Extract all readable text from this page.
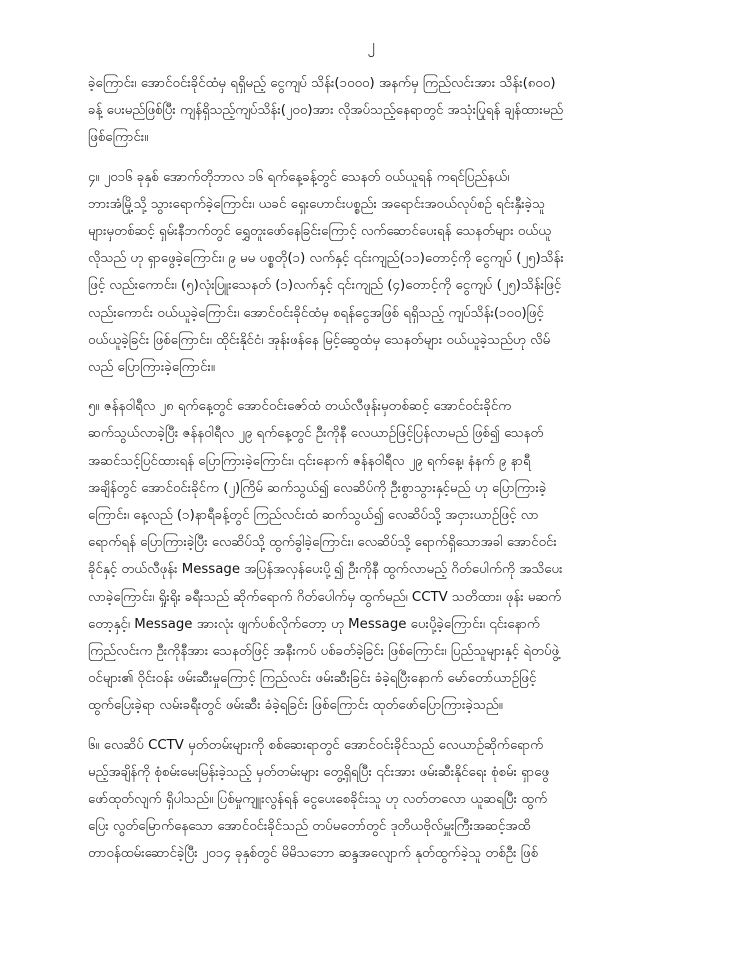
၂
ခဲ့ကြောင်း၊ အောင်ဝင်းခိုင်ထံမှ ရရှိမည့် ငွေကျပ် သိန်း(၁၀၀၀) အနက်မှ ကြည်လင်းအား သိန်း(၈၀၀)
ခန့် ပေးမည်ဖြစ်ပြီး ကျန်ရှိသည့်ကျပ်သိန်း(၂၀၀)အား လိုအပ်သည့်နေရာတွင် အသုံးပြုရန် ချန်ထားမည်
ဖြစ်ကြောင်း။
၄။ ၂၀၁၆ ခုနှစ် အောက်တိုဘာလ ၁၆ ရက်နေ့ခန့်တွင် သေနတ် ဝယ်ယူရန် ကရင်ပြည်နယ်၊
ဘားအံမြို့သို့ သွားရောက်ခဲ့ကြောင်း၊ ယခင် ရှေးဟောင်းပစ္စည်း အရောင်းအဝယ်လုပ်စဉ် ရင်းနှီးခဲ့သူ
များမှတစ်ဆင့် ရှမ်းနီဘက်တွင် ရွှေတူးဖော်နေခြင်းကြောင့် လက်ဆောင်ပေးရန် သေနတ်များ ဝယ်ယူ
လိုသည် ဟု ရှာဖွေခဲ့ကြောင်း၊ ၉ မမ ပစ္စတို(၁) လက်နှင့် ၎င်းကျည်(၁၁)တောင့်ကို ငွေကျပ် (၂၅)သိန်း
ဖြင့် လည်းကောင်း၊ (၅)လုံးပြူးသေနတ် (၁)လက်နှင့် ၎င်းကျည် (၄)တောင့်ကို ငွေကျပ် (၂၅)သိန်းဖြင့်
လည်းကောင်း ဝယ်ယူခဲ့ကြောင်း၊ အောင်ဝင်းခိုင်ထံမှ စရန်ငွေအဖြစ် ရရှိသည့် ကျပ်သိန်း(၁၀၀)ဖြင့်
ဝယ်ယူခဲ့ခြင်း ဖြစ်ကြောင်း၊ ထိုင်းနိုင်ငံ၊ အုန်းဖန်နေ မြင့်ဆွေထံမှ သေနတ်များ ဝယ်ယူခဲ့သည်ဟု လိမ်
လည် ပြောကြားခဲ့ကြောင်း။
၅။ ဇန်နဝါရီလ ၂၈ ရက်နေ့တွင် အောင်ဝင်းဇော်ထံ တယ်လီဖုန်းမှတစ်ဆင့် အောင်ဝင်းခိုင်က
ဆက်သွယ်လာခဲ့ပြီး ဇန်နဝါရီလ ၂၉ ရက်နေ့တွင် ဦးကိုနီ လေယာဉ်ဖြင့်ပြန်လာမည် ဖြစ်၍ သေနတ်
အဆင်သင့်ပြင်ထားရန် ပြောကြားခဲ့ကြောင်း၊ ၎င်းနောက် ဇန်နဝါရီလ ၂၉ ရက်နေ့၊ နံနက် ၉ နာရီ
အချိန်တွင် အောင်ဝင်းခိုင်က (၂)ကြိမ် ဆက်သွယ်၍ လေဆိပ်ကို ဦးစွာသွားနှင့်မည် ဟု ပြောကြားခဲ့
ကြောင်း၊ နေ့လည် (၁)နာရီခန့်တွင် ကြည်လင်းထံ ဆက်သွယ်၍ လေဆိပ်သို့ အငှားယာဉ်ဖြင့် လာ
ရောက်ရန် ပြောကြားခဲ့ပြီး လေဆိပ်သို့ ထွက်ခွါခဲ့ကြောင်း၊ လေဆိပ်သို့ ရောက်ရှိသောအခါ အောင်ဝင်း
ခိုင်နှင့် တယ်လီဖုန်း Message အပြန်အလှန်ပေးပို့၍ ဦးကိုနီ ထွက်လာမည့် ဂိတ်ပေါက်ကို အသိပေး
လာခဲ့ကြောင်း၊ ရှိုးရိုး ခရီးသည် ဆိုက်ရောက် ဂိတ်ပေါက်မှ ထွက်မည်၊ CCTV သတိထား၊ ဖုန်း မဆက်
တော့နှင့်၊ Message အားလုံး ဖျက်ပစ်လိုက်တော့ ဟု Message ပေးပို့ခဲ့ကြောင်း၊ ၎င်းနောက်
ကြည်လင်းက ဦးကိုနီအား သေနတ်ဖြင့် အနီးကပ် ပစ်ခတ်ခဲ့ခြင်း ဖြစ်ကြောင်း၊ ပြည်သူများနှင့် ရဲတပ်ဖွဲ့
ဝင်များ၏ ဝိုင်းဝန်း ဖမ်းဆီးမှုကြောင့် ကြည်လင်း ဖမ်းဆီးခြင်း ခံခဲ့ရပြီးနောက် မော်တော်ယာဉ်ဖြင့်
ထွက်ပြေးခဲ့ရာ လမ်းခရီးတွင် ဖမ်းဆီး ခံခဲ့ရခြင်း ဖြစ်ကြောင်း ထုတ်ဖော်ပြောကြားခဲ့သည်။
၆။ လေဆိပ် CCTV မှတ်တမ်းများကို စစ်ဆေးရာတွင် အောင်ဝင်းခိုင်သည် လေယာဉ်ဆိုက်ရောက်
မည့်အချိန်ကို စုံစမ်းမေးမြန်းခဲ့သည့် မှတ်တမ်းများ တွေ့ရှိရပြီး ၎င်းအား ဖမ်းဆီးနိုင်ရေး စုံစမ်း ရှာဖွေ
ဖော်ထုတ်လျက် ရှိပါသည်။ ပြစ်မှုကျူးလွန်ရန် ငွေပေးစေခိုင်းသူ ဟု လတ်တလော ယူဆရပြီး ထွက်
ပြေး လွတ်မြောက်နေသော အောင်ဝင်းခိုင်သည် တပ်မတော်တွင် ဒုတိယဗိုလ်မှူးကြီးအဆင့်အထိ
တာဝန်ထမ်းဆောင်ခဲ့ပြီး ၂၀၁၄ ခုနှစ်တွင် မိမိသဘော ဆန္ဒအလျောက် နုတ်ထွက်ခဲ့သူ တစ်ဦး ဖြစ်
